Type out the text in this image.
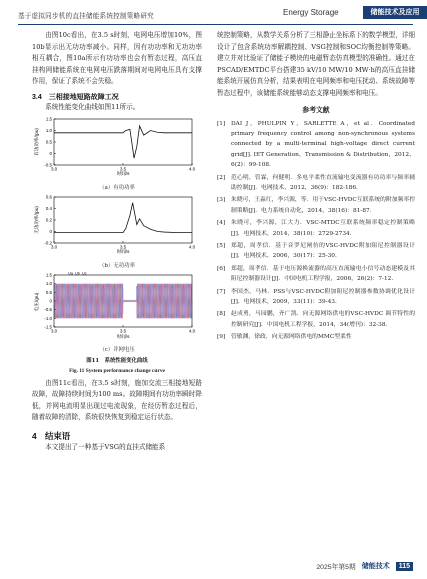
基于虚拟同步机的直挂储能系统控制策略研究	Energy Storage	储能技术及应用

由图10c看出，在3.5 s时刻，电网电压增加10%，图10b显示出无功功率减小。同样，因有功功率和无功功率相互耦合，图10a所示有功功率也会有暂态过程，高压直挂构网储能系统在电网电压跌落期间对电网电压具有支撑作用，保证了系统不会失稳。

3.4　三相接地短路故障工况

系统性能变化曲线如图11所示。

有功功率/(pu)
1.5
1.0
0.5
0
-0.5
3.0	3.5	4.0
时间/s
（a）有功功率
无功功率/(pu)
0.6
0.4
0.2
0
-0.2
3.0	3.5	4.0
时间/s
（b）无功功率
电压/(pu)
1.5
1.0
0.5
0
-0.5
-1.0
-1.5
3.0	3.5	4.0
Ua Ub Uc
时间/s
（c）并网电压
图11　系统性能变化曲线
Fig. 11 System performance change curve

由图11c看出，在3.5 s时刻，施加交流三相接地短路故障，故障持续时间为100 ms。故障期间有功功率瞬时降低，并网电流明显出现过电流现象，在经历暂态过程后，随着故障的清除，系统很快恢复到稳定运行状态。

4　结束语

本文提出了一种基于VSG的直挂式储能系

统控制策略，从数学关系分析了三相静止坐标系下的数学模型，详细设计了包含系统功率解耦控制、VSG控制和SOC均衡控制等策略。建立并对比验证了储能子模块的电磁暂态仿真模型的准确性。通过在PSCAD/EMTDC平台搭建35 kV/10 MW/10 MW·h的高压直挂储能系统开展仿真分析，结果表明在电网频率和电压扰动、系统故障等暂态过程中，该储能系统能够动态支撑电网频率和电压。

参考文献
[1] DAI J，PHULPIN Y，SARLETTE A，et al．Coordinated primary frequency control among non-synchronous systems connected by a multi-terminal high-voltage direct current grid[J]. IET Generation，Transmission & Distribution，2012，6(2)：99-108.
[2] 范心明，管霖，何健明．多电平柔性直流输电变流器有功功率与频率辅助控制[J]．电网技术，2012，36(9)：182-186.
[3] 朱晓可，王淼红，李兴源，等．用于VSC-HVDC互联系统的附加频率控制策略[J]．电力系统自动化，2014，38(16)：81-87.
[4] 朱晓可，李兴源，江大力．VSC-MTDC互联系统频率稳定控制策略[J]．电网技术，2014，38(10)：2729-2734.
[5] 郑超，周孝信．基于音罗尼闸仿的VSC-HVDC附加阻尼控制器设计[J]．电网技术，2006，30(17)：25-30.
[6] 郑超，周孝信．基于电压源换流器的高压直流输电小信号动态建模及其阻尼控制器设计[J]．中国电机工程学报，2006，26(2)：7-12.
[7] 李国杰，马林．PSS与VSC-HVDC附加阻尼控制器参数协调优化设计[J]．电网技术，2009，33(11)：39-43.
[8] 赵成勇，马园鹏，齐广凯．向无源网络供电的VSC-HVDC 调节特性的控制研究[J]．中国电机工程学报，2014，34(增刊)：32-38.
[9] 管敏渊，徐政．向无源网络供电的MMC型柔性
2025年第5期 储能技术	115
